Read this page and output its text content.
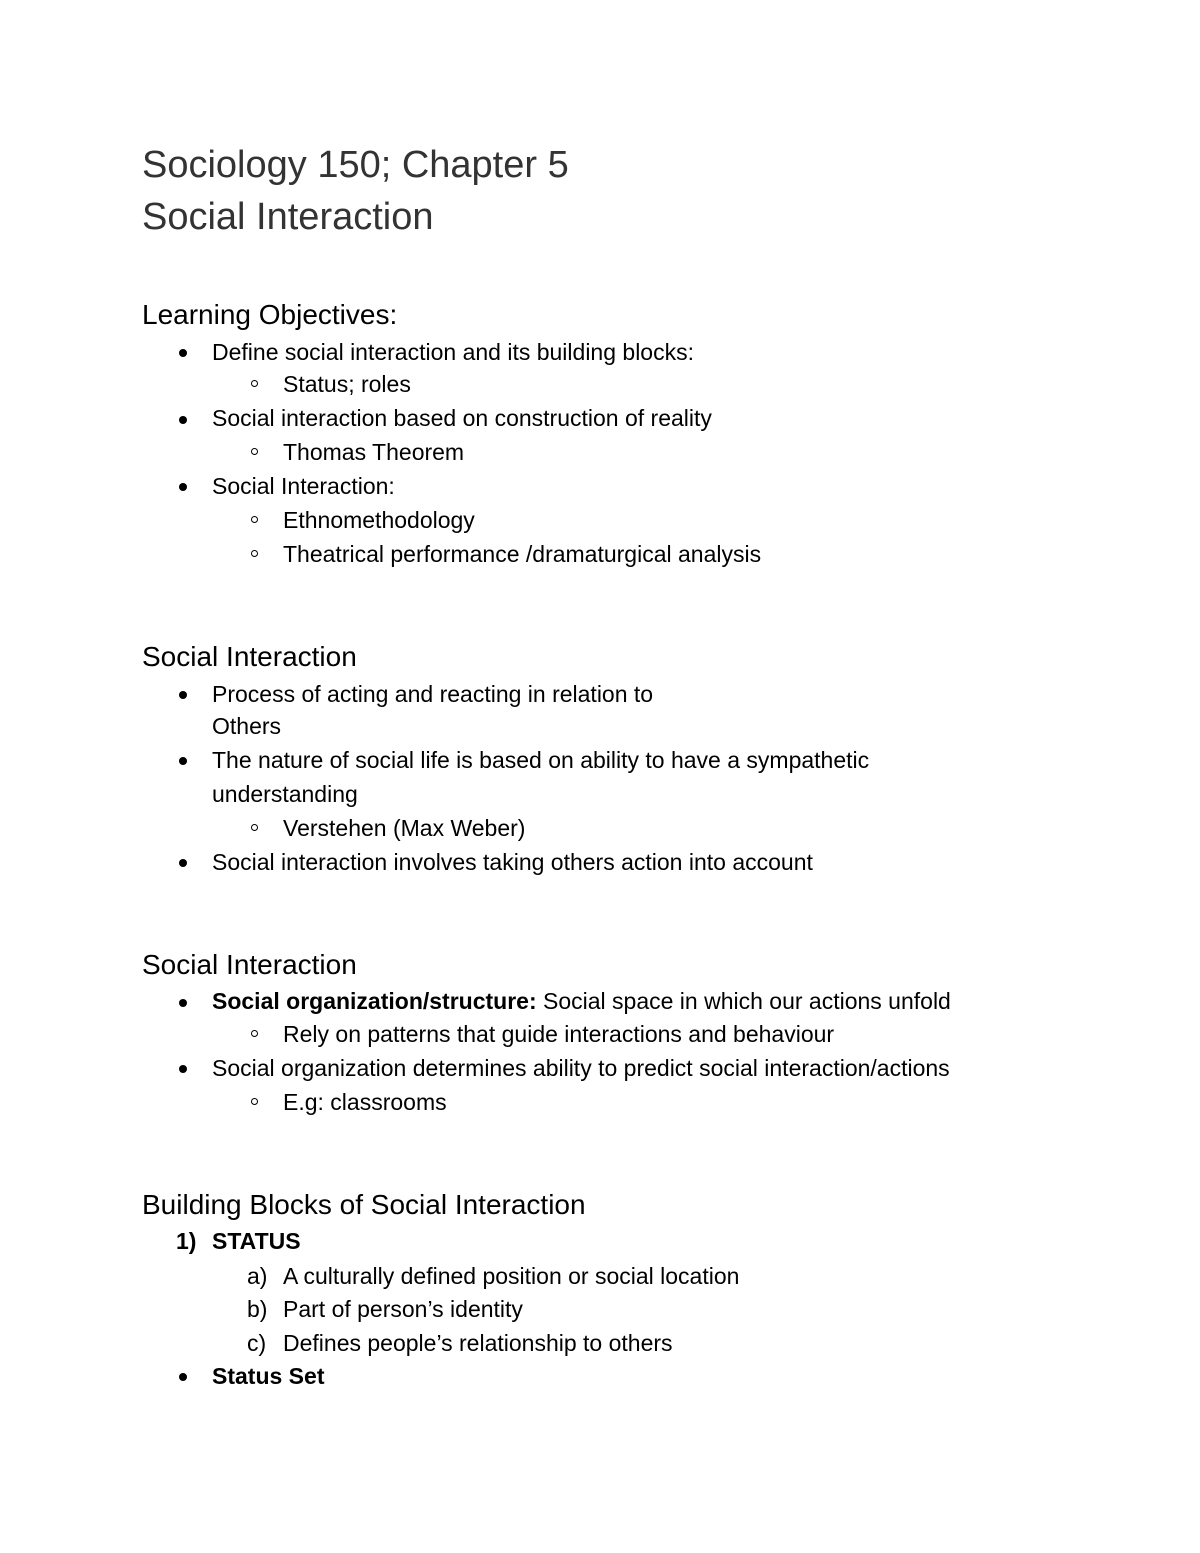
Sociology 150; Chapter 5
Social Interaction
Learning Objectives:
Define social interaction and its building blocks:
Status; roles
Social interaction based on construction of reality
Thomas Theorem
Social Interaction:
Ethnomethodology
Theatrical performance /dramaturgical analysis
Social Interaction
Process of acting and reacting in relation to
Others
The nature of social life is based on ability to have a sympathetic
understanding
Verstehen (Max Weber)
Social interaction involves taking others action into account
Social Interaction
Social organization/structure: Social space in which our actions unfold
Rely on patterns that guide interactions and behaviour
Social organization determines ability to predict social interaction/actions
E.g: classrooms
Building Blocks of Social Interaction
1) STATUS
a) A culturally defined position or social location
b) Part of person’s identity
c) Defines people’s relationship to others
Status Set
